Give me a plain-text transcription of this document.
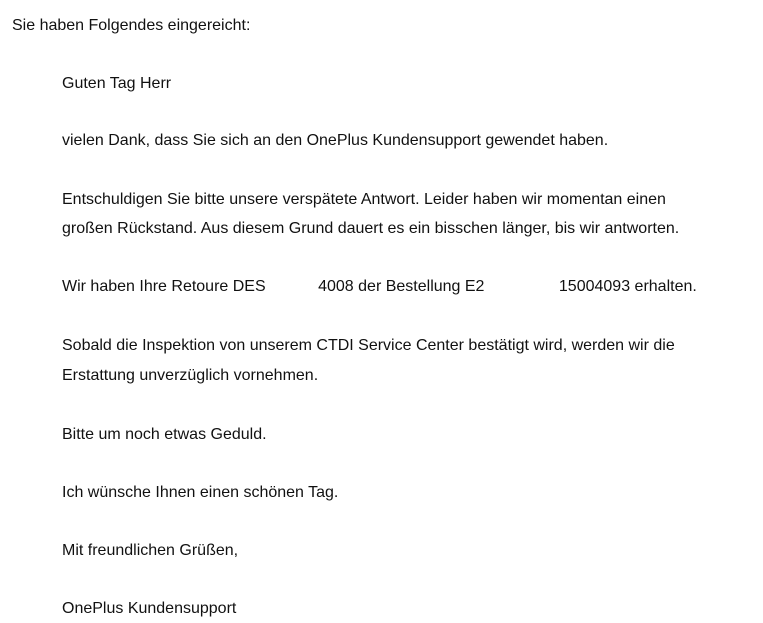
Sie haben Folgendes eingereicht:

Guten Tag Herr

vielen Dank, dass Sie sich an den OnePlus Kundensupport gewendet haben.

Entschuldigen Sie bitte unsere verspätete Antwort. Leider haben wir momentan einen

großen Rückstand. Aus diesem Grund dauert es ein bisschen länger, bis wir antworten.

Wir haben Ihre Retoure DES	4008 der Bestellung E2	15004093 erhalten.

Sobald die Inspektion von unserem CTDI Service Center bestätigt wird, werden wir die

Erstattung unverzüglich vornehmen.

Bitte um noch etwas Geduld.

Ich wünsche Ihnen einen schönen Tag.

Mit freundlichen Grüßen,

OnePlus Kundensupport
